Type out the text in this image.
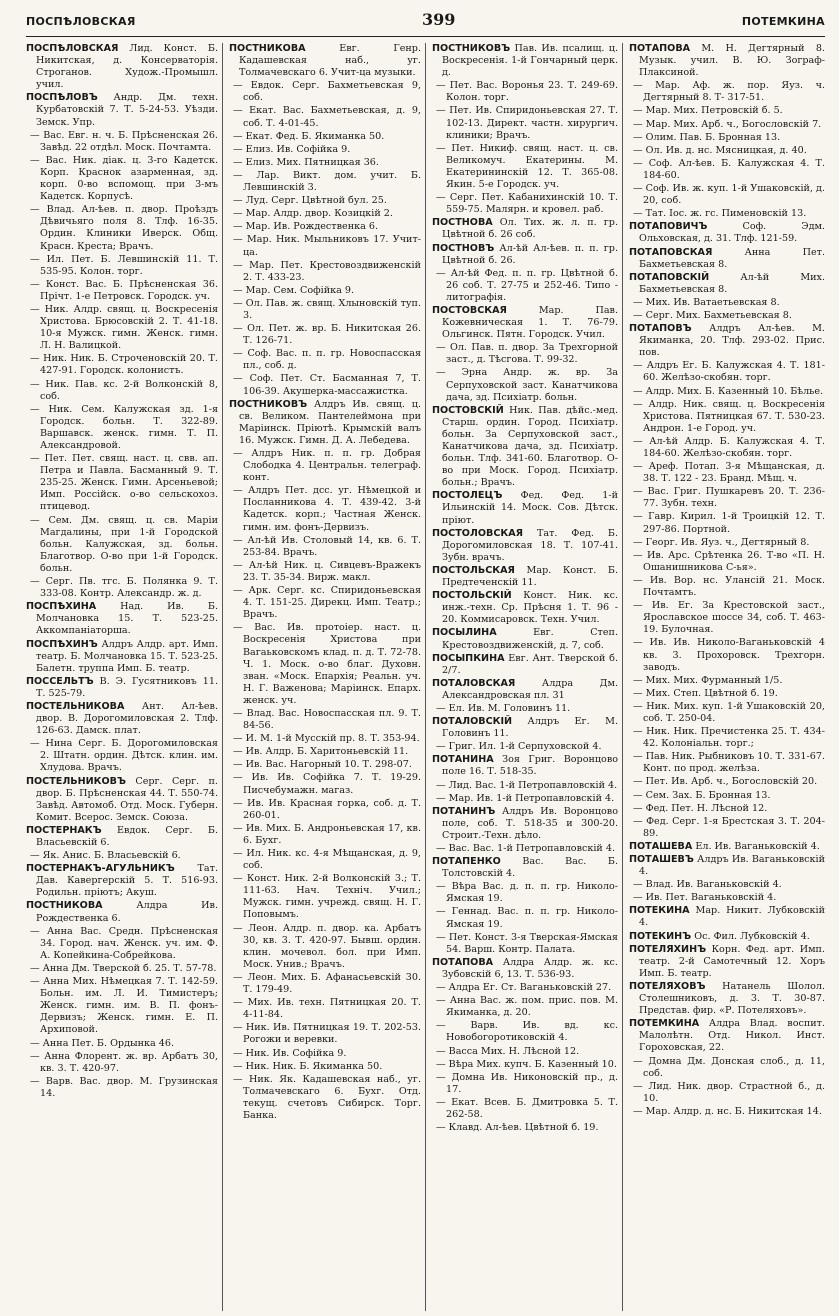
ПОСПѢЛОВСКАЯ	399	ПОТЕМКИНА

ПОСПѢЛОВСКАЯ Лид. Конст. Б. Никитская, д. Консерваторія. Строганов. Худож.-Промышл. учил.

ПОСПѢЛОВЪ Андр. Дм. техн. Курбатовскій 7. Т. 5-24-53. Уѣзди. Земск. Упр.

— Вас. Евг. н. ч. Б. Прѣсненская 26. Завѣд. 22 отдѣл. Моск. Почтамта.

— Вас. Ник. діак. ц. 3-го Кадетск. Корп. Краснок азарменная, зд. корп. 0-во вспомощ. при 3-мъ Кадетск. Корпусѣ.

— Влад. Ал-ѣев. п. двор. Проѣздъ Дѣвичьяго поля 8. Тлф. 16-35. Ордин. Клиники Иверск. Общ. Красн. Креста; Врачъ.

— Ил. Пет. Б. Левшинскій 11. Т. 535-95. Колон. торг.

— Конст. Вас. Б. Прѣсненская 36. Прічт. 1-е Петровск. Городск. уч.

— Ник. Алдр. свящ. ц. Воскресенія Христова. Брюсовскій 2. Т. 41-18. 10-я Мужск. гимн. Женск. гимн. Л. Н. Валицкой.

— Ник. Ник. Б. Строченовскій 20. Т. 427-91. Городск. колонистъ.

— Ник. Пав. кс. 2-й Волконскій 8, соб.

— Ник. Сем. Калужская зд. 1-я Городск. больн. Т. 322-89. Варшавск. женск. гимн. Т. П. Александровой.

— Пет. Пет. свящ. наст. ц. свв. ап. Петра и Павла. Басманный 9. Т. 235-25. Женск. Гимн. Арсеньевой; Имп. Россійск. о-во сельскохоз. птицевод.

— Сем. Дм. свящ. ц. св. Маріи Магдалины, при 1-й Городской больн. Калужская, зд. больн. Благотвор. О-во при 1-й Городск. больн.

— Серг. Пв. тгс. Б. Полянка 9. Т. 333-08. Контр. Александр. ж. д.

ПОСПѢХИНА Над. Ив. Б. Молчановка 15. Т. 523-25. Аккомпаніаторша.

ПОСПѢХИНЪ Алдръ Алдр. арт. Имп. театр. Б. Молчановка 15. Т. 523-25. Балетн. труппа Имп. Б. театр.

ПОССЕЛЬТЪ В. Э. Гусятниковъ 11. Т. 525-79.

ПОСТЕЛЬНИКОВА Ант. Ал-ѣев. двор. В. Дорогомиловская 2. Тлф. 126-63. Дамск. плат.

— Нина Серг. Б. Дорогомиловская 2. Штатн. ордин. Дѣтск. клин. им. Хлудова. Врачъ.

ПОСТЕЛЬНИКОВЪ Серг. Серг. п. двор. Б. Прѣсненская 44. Т. 550-74. Завѣд. Автомоб. Отд. Моск. Губерн. Комит. Всерос. Земск. Союза.

ПОСТЕРНАКЪ Евдок. Серг. Б. Власьевскій 6.

— Як. Анис. Б. Власьевскій 6.

ПОСТЕРНАКЪ-АГУЛЬНИКЪ Тат. Дав. Кавергерскій 5. Т. 516-93. Родильн. пріютъ; Акуш.

ПОСТНИКОВА Алдра Ив. Рождественка 6.

— Анна Вас. Средн. Прѣсненская 34. Город. нач. Женск. уч. им. Ф. А. Копейкина-Собрейкова.

— Анна Дм. Тверской б. 25. Т. 57-78.

— Анна Мих. Нѣмецкая 7. Т. 142-59. Больн. им. Л. И. Тимистеръ; Женск. гимн. им. В. П. фонъ-Дервизъ; Женск. гимн. Е. П. Архиповой.

— Анна Пет. Б. Ордынка 46.

— Анна Флорент. ж. вр. Арбатъ 30, кв. 3. Т. 420-97.

— Варв. Вас. двор. М. Грузинская 14.

ПОСТНИКОВА Евг. Генр. Кадашевская наб., уг. Толмачевскаго 6. Учит-ца музыки.

— Евдок. Серг. Бахметьевская 9, соб.

— Екат. Вас. Бахметьевская, д. 9, соб. Т. 4-01-45.

— Екат. Фед. Б. Якиманка 50.

— Елиз. Ив. Софійка 9.

— Елиз. Мих. Пятницкая 36.

— Лар. Викт. дом. учит. Б. Левшинскій 3.

— Луд. Серг. Цвѣтной бул. 25.

— Мар. Алдр. двор. Козицкій 2.

— Мар. Ив. Рождественка 6.

— Мар. Ник. Мыльниковъ 17. Учит-ца.

— Мар. Пет. Крестовоздвиженскій 2. Т. 433-23.

— Мар. Сем. Софійка 9.

— Ол. Пав. ж. свящ. Хлыновскій туп. 3.

— Ол. Пет. ж. вр. Б. Никитская 26. Т. 126-71.

— Соф. Вас. п. п. гр. Новоспасская пл., соб. д.

— Соф. Пет. Ст. Басманная 7, Т. 106-39. Акушерка-массажистка.

ПОСТНИКОВЪ Алдръ Ив. свящ. ц. св. Великом. Пантелеймона при Маріинск. Пріютѣ. Крымскій валъ 16. Мужск. Гимн. Д. А. Лебедева.

— Алдръ Ник. п. п. гр. Добрая Слободка 4. Центральн. телеграф. конт.

— Алдръ Пет. дсс. уг. Нѣмецкой и Посланникова 4. Т. 439-42. 3-й Кадетск. корп.; Частная Женск. гимн. им. фонъ-Дервизъ.

— Ал-ѣй Ив. Столовый 14, кв. 6. Т. 253-84. Врачъ.

— Ал-ѣй Ник. ц. Сивцевъ-Вражекъ 23. Т. 35-34. Вирж. макл.

— Арк. Серг. кс. Спиридоньевская 4. Т. 151-25. Дирекц. Имп. Театр.; Врачъ.

— Вас. Ив. протоіер. наст. ц. Воскресенія Христова при Вагаьковскомъ клад. п. д. Т. 72-78. Ч. 1. Моск. о-во благ. Духовн. зван. «Моск. Епархія; Реальн. уч. Н. Г. Важенова; Маріинск. Епарх. женск. уч.

— Влад. Вас. Новоспасская пл. 9. Т. 84-56.

— И. М. 1-й Мусскій пр. 8. Т. 353-94.

— Ив. Алдр. Б. Харитоньевскій 11.

— Ив. Вас. Нагорный 10. Т. 298-07.

— Ив. Ив. Софійка 7. Т. 19-29. Писчебумажн. магаз.

— Ив. Ив. Красная горка, соб. д. Т. 260-01.

— Ив. Мих. Б. Андроньевская 17, кв. 6. Бухг.

— Ил. Ник. кс. 4-я Мѣщанская, д. 9, соб.

— Конст. Ник. 2-й Волконскій 3.; Т. 111-63. Нач. Техніч. Учил.; Мужск. гимн. учрежд. свящ. Н. Г. Поповымъ.

— Леон. Алдр. п. двор. ка. Арбатъ 30, кв. 3. Т. 420-97. Бывш. ордин. клин. мочевол. бол. при Имп. Моск. Унив.; Врачъ.

— Леон. Мих. Б. Афанасьевскій 30. Т. 179-49.

— Мих. Ив. техн. Пятницкая 20. Т. 4-11-84.

— Ник. Ив. Пятницкая 19. Т. 202-53. Рогожи и веревки.

— Ник. Ив. Софійка 9.

— Ник. Ник. Б. Якиманка 50.

— Ник. Як. Кадашевская наб., уг. Толмачевскаго 6. Бухг. Отд. текущ. счетовъ Сибирск. Торг. Банка.

ПОСТНИКОВЪ Пав. Ив. псалищ. ц. Воскресенія. 1-й Гончарный церк. д.

— Пет. Вас. Воронья 23. Т. 249-69. Колон. торг.

— Пет. Ив. Спиридоньевская 27. Т. 102-13. Директ. частн. хирургич. клиники; Врачъ.

— Пет. Никиф. свящ. наст. ц. св. Великомуч. Екатерины. М. Екатерининскій 12. Т. 365-08. Якин. 5-е Городск. уч.

— Серг. Пет. Кабанихинскій 10. Т. 559-75. Малярн. и кровел. раб.

ПОСТНОВА Ол. Тих. ж. л. п. гр. Цвѣтной б. 26 соб.

ПОСТНОВЪ Ал-ѣй Ал-ѣев. п. п. гр. Цвѣтной б. 26.

— Ал-ѣй Фед. п. п. гр. Цвѣтной б. 26 соб. Т. 27-75 и 252-46. Типо - литографія.

ПОСТОВСКАЯ Мар. Пав. Кожевническая 1. Т. 76-79. Ольгинск. Пятн. Городск. Учил.

— Ол. Пав. п. двор. За Трехгорной заст., д. Тѣсгова. Т. 99-32.

— Эрна Андр. ж. вр. За Серпуховской заст. Канатчикова дача, зд. Психіатр. больн.

ПОСТОВСКІЙ Ник. Пав. дѣйс.-мед. Старш. ордин. Город. Психіатр. больн. За Серпуховской заст., Канатчикова дача, зд. Психіатр. больн. Тлф. 341-60. Благотвор. О-во при Моск. Город. Психіатр. больн.; Врачъ.

ПОСТОЛЕЦЪ Фед. Фед. 1-й Ильинскій 14. Моск. Сов. Дѣтск. пріют.

ПОСТОЛОВСКАЯ Тат. Фед. Б. Дорогомиловская 18. Т. 107-41. Зубн. врачъ.

ПОСТОЛЬСКАЯ Мар. Конст. Б. Предтеченскій 11.

ПОСТОЛЬСКІЙ Конст. Ник. кс. инж.-техн. Ср. Прѣсня 1. Т. 96 - 20. Коммисаровск. Техн. Учил.

ПОСЫЛИНА Евг. Степ. Крестовоздвиженскій, д. 7, соб.

ПОСЫПКИНА Евг. Ант. Тверской б. 2/7.

ПОТАЛОВСКАЯ Алдра Дм. Александровская пл. 31

— Ел. Ив. М. Головинъ 11.

ПОТАЛОВСКІЙ Алдръ Ег. М. Головинъ 11.

— Григ. Ил. 1-й Серпуховской 4.

ПОТАНИНА Зоя Григ. Воронцово поле 16. Т. 518-35.

— Лид. Вас. 1-й Петропавловскій 4.

— Мар. Ив. 1-й Петропавловскій 4.

ПОТАНИНЪ Алдръ Ив. Воронцово поле, соб. Т. 518-35 и 300-20. Строит.-Техн. дѣло.

— Вас. Вас. 1-й Петропавловскій 4.

ПОТАПЕНКО Вас. Вас. Б. Толстовскій 4.

— Вѣра Вас. д. п. п. гр. Николо-Ямская 19.

— Геннад. Вас. п. п. гр. Николо-Ямская 19.

— Пет. Конст. 3-я Тверская-Ямская 54. Варш. Контр. Палата.

ПОТАПОВА Алдра Алдр. ж. кс. Зубовскій 6, 13. Т. 536-93.

— Алдра Ег. Ст. Ваганьковскій 27.

— Анна Вас. ж. пом. прис. пов. М. Якиманка, д. 20.

— Варв. Ив. вд. кс. Новобогоротиковскій 4.

— Васса Мих. Н. Лѣсной 12.

— Вѣра Мих. купч. Б. Казенный 10.

— Домна Ив. Никоновскій пр., д. 17.

— Екат. Всев. Б. Дмитровка 5. Т. 262-58.

— Клавд. Ал-ѣев. Цвѣтной б. 19.

ПОТАПОВА М. Н. Дегтярный 8. Музык. учил. В. Ю. Зограф-Плаксиной.

— Мар. Аф. ж. пор. Яуз. ч. Дегтярный 8. Т- 317-51.

— Мар. Мих. Петровскій б. 5.

— Мар. Мих. Арб. ч., Богословскій 7.

— Олим. Пав. Б. Бронная 13.

— Ол. Ив. д. нс. Мясницкая, д. 40.

— Соф. Ал-ѣев. Б. Калужская 4. Т. 184-60.

— Соф. Ив. ж. куп. 1-й Ушаковскій, д. 20, соб.

— Тат. Іос. ж. гс. Пименовскій 13.

ПОТАПОВИЧЪ Соф. Эдм. Ольховская, д. 31. Тлф. 121-59.

ПОТАПОВСКАЯ Анна Пет. Бахметьевская 8.

ПОТАПОВСКІЙ Ал-ѣй Мих. Бахметьевская 8.

— Мих. Ив. Ватаетьевская 8.

— Серг. Мих. Бахметьевская 8.

ПОТАПОВЪ Алдръ Ал-ѣев. М. Якиманка, 20. Тлф. 293-02. Прис. пов.

— Алдръ Ег. Б. Калужская 4. Т. 181-60. Желѣзо-скобян. торг.

— Алдр. Мих. Б. Казенный 10. Бѣлье.

— Алдр. Ник. свящ. ц. Воскресенія Христова. Пятницкая 67. Т. 530-23. Андрон. 1-е Город. уч.

— Ал-ѣй Алдр. Б. Калужская 4. Т. 184-60. Желѣзо-скобян. торг.

— Ареф. Потап. 3-я Мѣщанская, д. 38. Т. 122 - 23. Бранд. Мѣщ. ч.

— Вас. Григ. Пушкаревъ 20. Т. 236-77. Зубн. техн.

— Гавр. Кирил. 1-й Троицкій 12. Т. 297-86. Портной.

— Георг. Ив. Яуз. ч., Дегтярный 8.

— Ив. Арс. Срѣтенка 26. Т-во «П. Н. Ошанишникова С-ья».

— Ив. Вор. нс. Улансій 21. Моск. Почтамтъ.

— Ив. Ег. За Крестовской заст., Ярославское шоссе 34, соб. Т. 463-19. Булочная.

— Ив. Ив. Николо-Ваганьковскій 4 кв. 3. Прохоровск. Трехгорн. заводъ.

— Мих. Мих. Фурманный 1/5.

— Мих. Степ. Цвѣтной б. 19.

— Ник. Мих. куп. 1-й Ушаковскій 20, соб. Т. 250-04.

— Ник. Ник. Пречистенка 25. Т. 434-42. Колоніальн. торг.;

— Пав. Ник. Рыбниковъ 10. Т. 331-67. Конт. по прод. желѣза.

— Пет. Ив. Арб. ч., Богословскій 20.

— Сем. Зах. Б. Бронная 13.

— Фед. Пет. Н. Лѣсной 12.

— Фед. Серг. 1-я Брестская 3. Т. 204-89.

ПОТАШЕВА Ел. Ив. Ваганьковскій 4.

ПОТАШЕВЪ Алдръ Ив. Ваганьковскій 4.

— Влад. Ив. Ваганьковскій 4.

— Ив. Пет. Ваганьковскій 4.

ПОТЕКИНА Мар. Никит. Лубковскій 4.

ПОТЕКИНЪ Ос. Фил. Лубковскій 4.

ПОТЕЛЯХИНЪ Корн. Фед. арт. Имп. театр. 2-й Самотечный 12. Хоръ Имп. Б. театр.

ПОТЕЛЯХОВЪ Натанель Шолол. Столешниковъ, д. 3. Т. 30-87. Представ. фир. «Р. Потеляховъ».

ПОТЕМКИНА Алдра Влад. воспит. Малолѣтн. Отд. Никол. Инст. Гороховская, 22.

— Домна Дм. Донская слоб., д. 11, соб.

— Лид. Ник. двор. Страстной б., д. 10.

— Мар. Алдр. д. нс. Б. Никитская 14.
